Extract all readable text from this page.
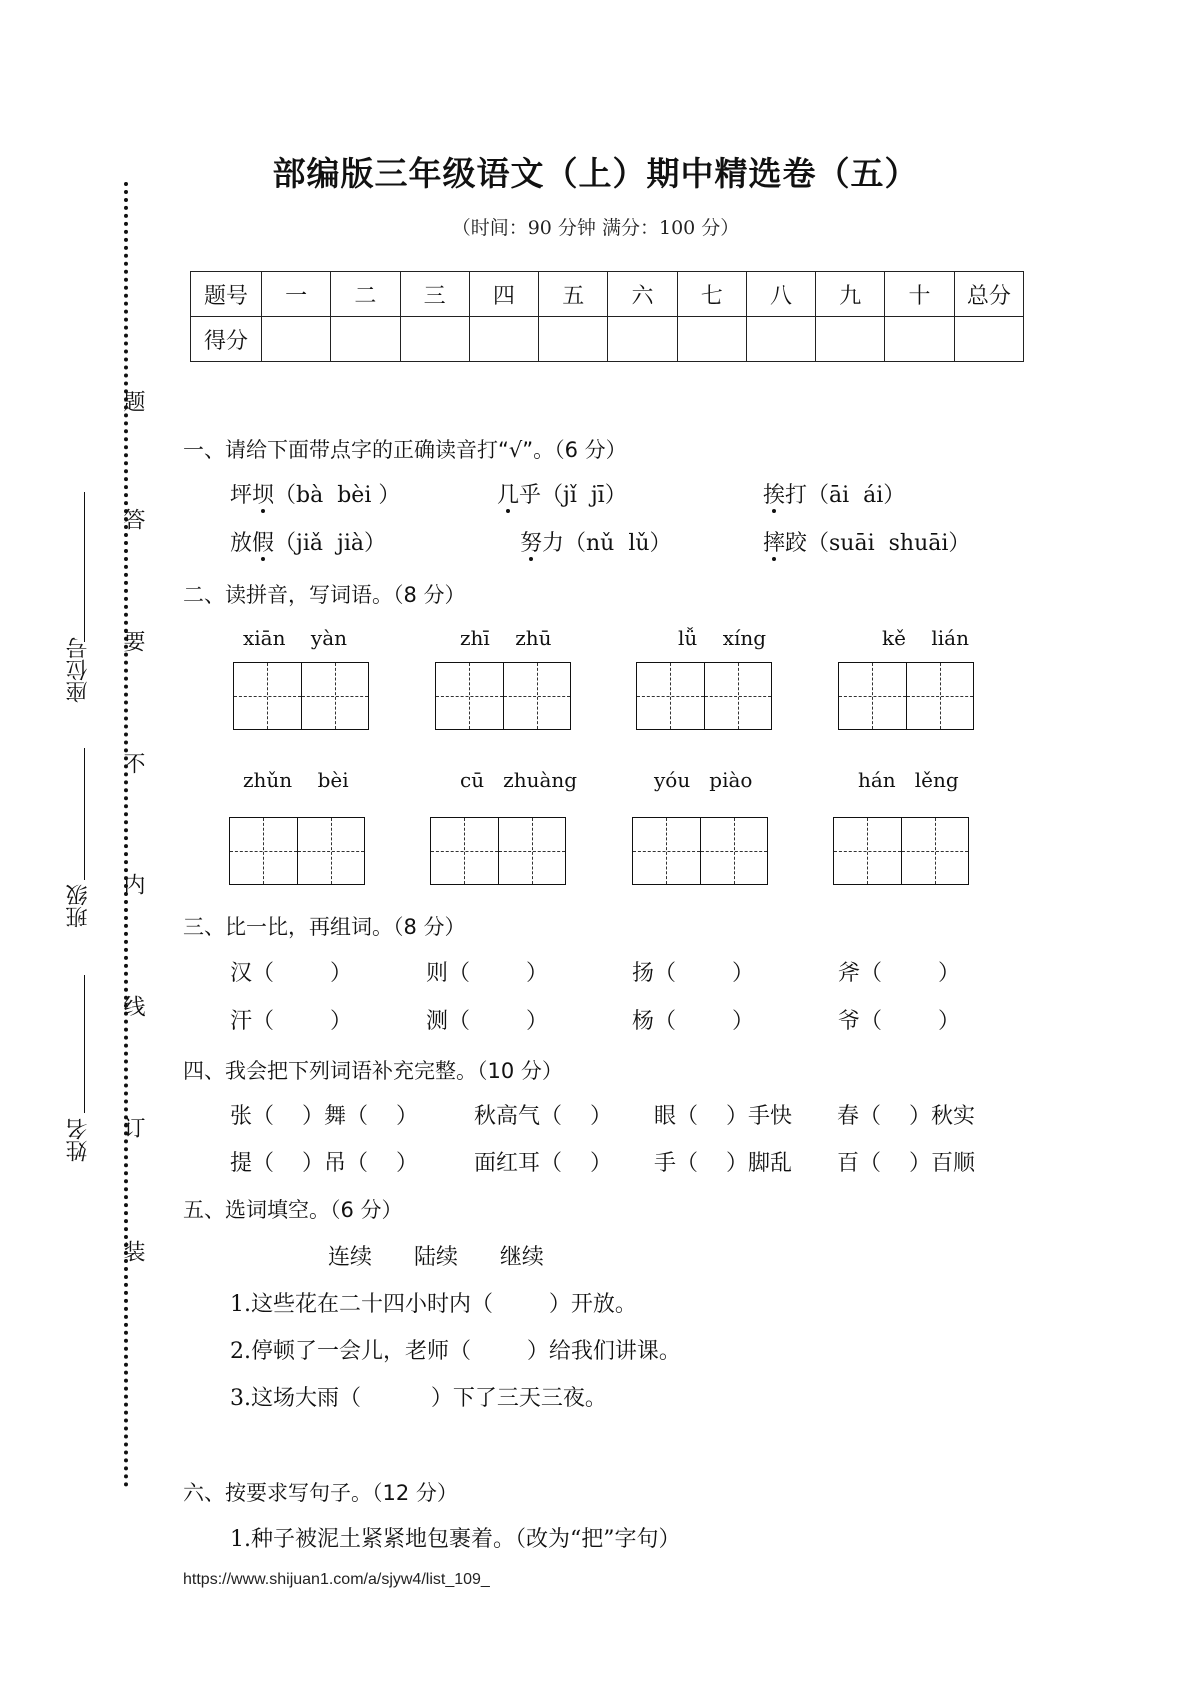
题
答
要
不
内
线
订
装
座位号
班级
姓名
部编版三年级语文（上）期中精选卷（五）
（时间：90 分钟 满分：100 分）
题号	一	二	三	四	五	六	七	八	九	十	总分
得分											
一、请给下面带点字的正确读音打“√”。（6 分）
坪坝（bà  bèi ）	几乎（jǐ  jī）	挨打（āi  ái）
放假（jiǎ  jià）	努力（nǔ  lǔ）	摔跤（suāi  shuāi）
二、读拼音，写词语。（8 分）
xiān    yàn	zhī    zhū	lǚ    xíng	kě    lián
zhǔn    bèi	cū   zhuàng	yóu   piào	hán   lěng
三、比一比，再组词。（8 分）
汉（        ）	则（        ）	扬（        ）	斧（        ）
汗（        ）	测（        ）	杨（        ）	爷（        ）
四、我会把下列词语补充完整。（10 分）
张（    ）舞（    ）	秋高气（    ） 眼（    ）手快 春（    ）秋实
提（    ）吊（    ）	面红耳（    ） 手（    ）脚乱 百（    ）百顺
五、选词填空。（6 分）
连续      陆续      继续
1.这些花在二十四小时内（        ）开放。
2.停顿了一会儿，老师（        ）给我们讲课。
3.这场大雨（          ）下了三天三夜。
六、按要求写句子。（12 分）
1.种子被泥土紧紧地包裹着。（改为“把”字句）
https://www.shijuan1.com/a/sjyw4/list_109_
